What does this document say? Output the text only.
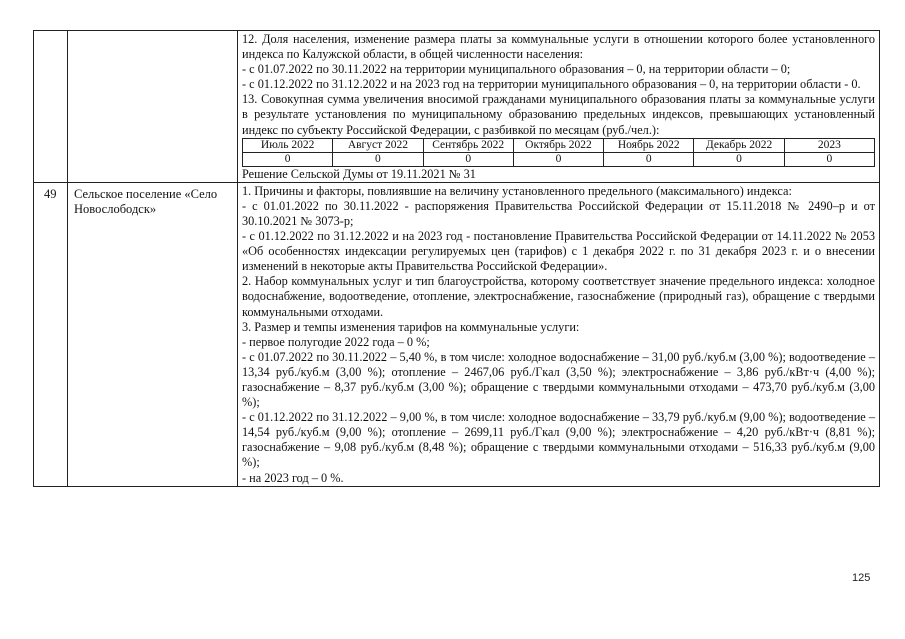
12. Доля населения, изменение размера платы за коммунальные услуги в отношении которого более установленного индекса по Калужской области, в общей численности населения:

- с 01.07.2022 по 30.11.2022 на территории муниципального образования – 0, на территории области – 0;

- с 01.12.2022 по 31.12.2022 и на 2023 год на территории муниципального образования – 0, на территории области - 0.

13. Совокупная сумма увеличения вносимой гражданами муниципального образования платы за коммунальные услуги в результате установления по муниципальному образованию предельных индексов, превышающих установленный индекс по субъекту Российской Федерации, с разбивкой по месяцам (руб./чел.):

Июль 2022	Август 2022	Сентябрь 2022	Октябрь 2022	Ноябрь 2022	Декабрь 2022	2023
0	0	0	0	0	0	0

Решение Сельской Думы от 19.11.2021 № 31

49	Сельское поселение «Село Новослободск»	

1. Причины и факторы, повлиявшие на величину установленного предельного (максимального) индекса:

- с 01.01.2022 по 30.11.2022 - распоряжения Правительства Российской Федерации от 15.11.2018 № 2490–р и от 30.10.2021 № 3073-р;

- с 01.12.2022 по 31.12.2022 и на 2023 год - постановление Правительства Российской Федерации от 14.11.2022 № 2053 «Об особенностях индексации регулируемых цен (тарифов) с 1 декабря 2022 г. по 31 декабря 2023 г. и о внесении изменений в некоторые акты Правительства Российской Федерации».

2. Набор коммунальных услуг и тип благоустройства, которому соответствует значение предельного индекса: холодное водоснабжение, водоотведение, отопление, электроснабжение, газоснабжение (природный газ), обращение с твердыми коммунальными отходами.

3. Размер и темпы изменения тарифов на коммунальные услуги:

- первое полугодие 2022 года – 0 %;

- с 01.07.2022 по 30.11.2022 – 5,40 %, в том числе: холодное водоснабжение – 31,00 руб./куб.м (3,00 %); водоотведение – 13,34 руб./куб.м (3,00 %); отопление – 2467,06 руб./Гкал (3,50 %); электроснабжение – 3,86 руб./кВт·ч (4,00 %); газоснабжение – 8,37 руб./куб.м (3,00 %); обращение с твердыми коммунальными отходами – 473,70 руб./куб.м (3,00 %);

- с 01.12.2022 по 31.12.2022 – 9,00 %, в том числе: холодное водоснабжение – 33,79 руб./куб.м (9,00 %); водоотведение – 14,54 руб./куб.м (9,00 %); отопление – 2699,11 руб./Гкал (9,00 %); электроснабжение – 4,20 руб./кВт·ч (8,81 %); газоснабжение – 9,08 руб./куб.м (8,48 %); обращение с твердыми коммунальными отходами – 516,33 руб./куб.м (9,00 %);

- на 2023 год – 0 %.

125
